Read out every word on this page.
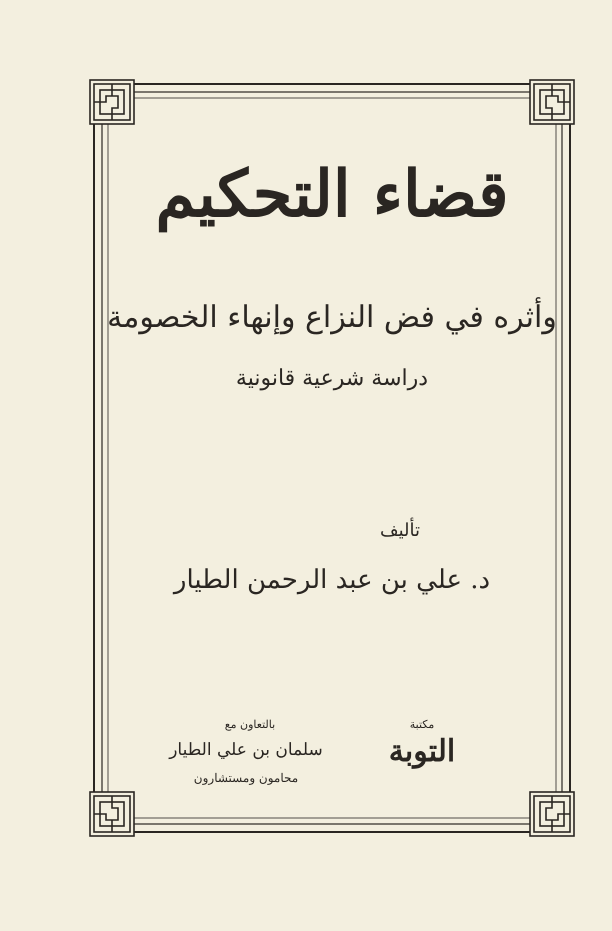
قضاء التحكيم
وأثره في فض النزاع وإنهاء الخصومة
دراسة شرعية قانونية
تأليف
د. علي بن عبد الرحمن الطيار
مكتبة
التوبة
بالتعاون مع
سلمان بن علي الطيار
محامون ومستشارون
